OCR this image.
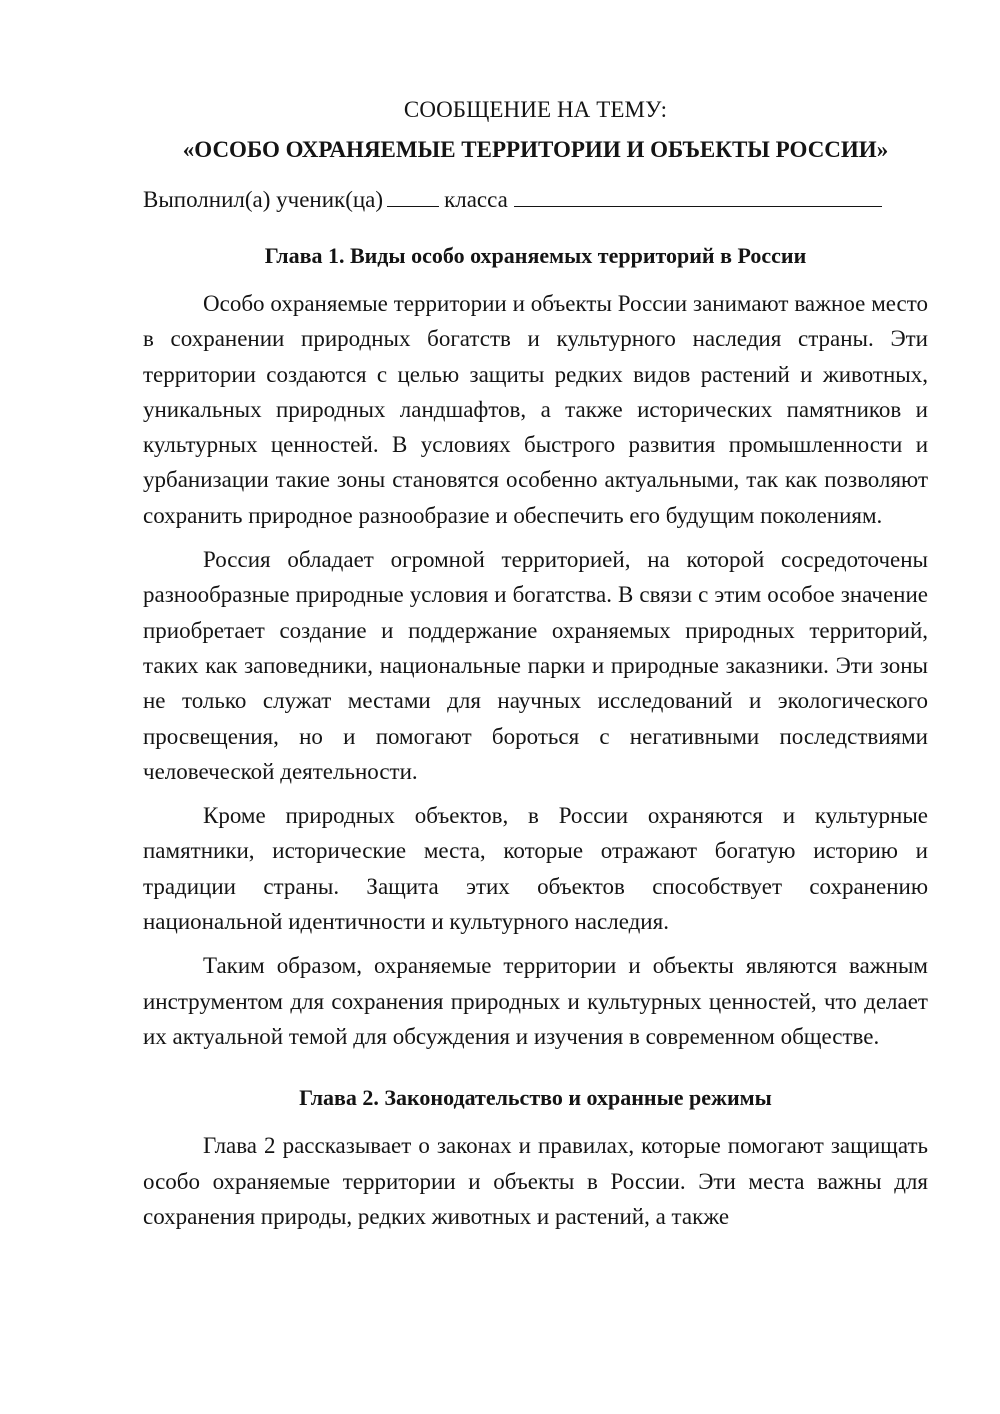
СООБЩЕНИЕ НА ТЕМУ:

«ОСОБО ОХРАНЯЕМЫЕ ТЕРРИТОРИИ И ОБЪЕКТЫ РОССИИ»

Выполнил(а) ученик(ца)	класса

Глава 1. Виды особо охраняемых территорий в России

Особо охраняемые территории и объекты России занимают важное место в сохранении природных богатств и культурного наследия страны. Эти территории создаются с целью защиты редких видов растений и животных, уникальных природных ландшафтов, а также исторических памятников и культурных ценностей. В условиях быстрого развития промышленности и урбанизации такие зоны становятся особенно актуальными, так как позволяют сохранить природное разнообразие и обеспечить его будущим поколениям.

Россия обладает огромной территорией, на которой сосредоточены разнообразные природные условия и богатства. В связи с этим особое значение приобретает создание и поддержание охраняемых природных территорий, таких как заповедники, национальные парки и природные заказники. Эти зоны не только служат местами для научных исследований и экологического просвещения, но и помогают бороться с негативными последствиями человеческой деятельности.

Кроме природных объектов, в России охраняются и культурные памятники, исторические места, которые отражают богатую историю и традиции страны. Защита этих объектов способствует сохранению национальной идентичности и культурного наследия.

Таким образом, охраняемые территории и объекты являются важным инструментом для сохранения природных и культурных ценностей, что делает их актуальной темой для обсуждения и изучения в современном обществе.

Глава 2. Законодательство и охранные режимы

Глава 2 рассказывает о законах и правилах, которые помогают защищать особо охраняемые территории и объекты в России. Эти места важны для сохранения природы, редких животных и растений, а также
